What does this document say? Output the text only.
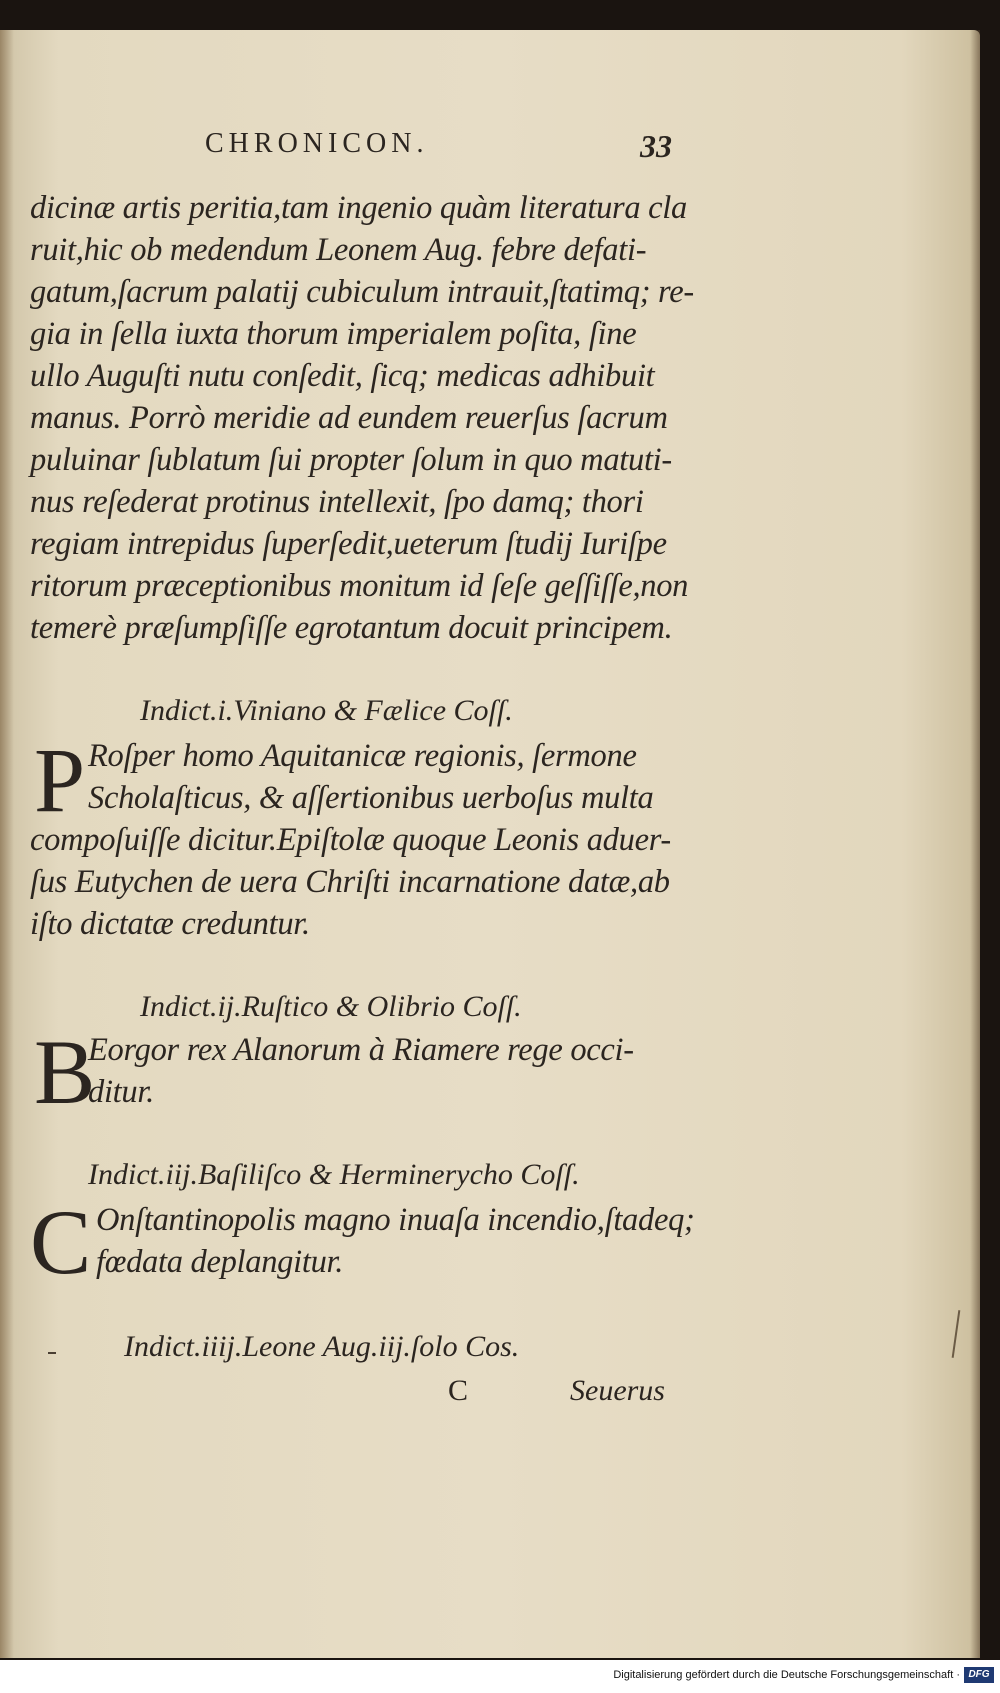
CHRONICON.	33
dicinæ artis peritia,tam ingenio quàm literatura cla
ruit,hic ob medendum Leonem Aug. febre defati-
gatum,ſacrum palatij cubiculum intrauit,ſtatimq; re-
gia in ſella iuxta thorum imperialem poſita, ſine
ullo Auguſti nutu conſedit, ſicq; medicas adhibuit
manus. Porrò meridie ad eundem reuerſus ſacrum
puluinar ſublatum ſui propter ſolum in quo matuti-
nus reſederat protinus intellexit, ſpo damq; thori
regiam intrepidus ſuperſedit,ueterum ſtudij Iuriſpe
ritorum præceptionibus monitum id ſeſe geſſiſſe,non
temerè præſumpſiſſe egrotantum docuit principem.
Indict.i.Viniano & Fælice Coſſ.
P Roſper homo Aquitanicæ regionis, ſermone
Scholaſticus, & aſſertionibus uerboſus multa
compoſuiſſe dicitur.Epiſtolæ quoque Leonis aduer-
ſus Eutychen de uera Chriſti incarnatione datæ,ab
iſto dictatæ creduntur.
Indict.ij.Ruſtico & Olibrio Coſſ.
B
Eorgor rex Alanorum à Riamere rege occi-
ditur.
Indict.iij.Baſiliſco & Herminerycho Coſſ.
C Onſtantinopolis magno inuaſa incendio,ſtadeq;
fœdata deplangitur.
Indict.iiij.Leone Aug.iij.ſolo Cos.
C	Seuerus
Digitalisierung gefördert durch die Deutsche Forschungsgemeinschaft · DFG
